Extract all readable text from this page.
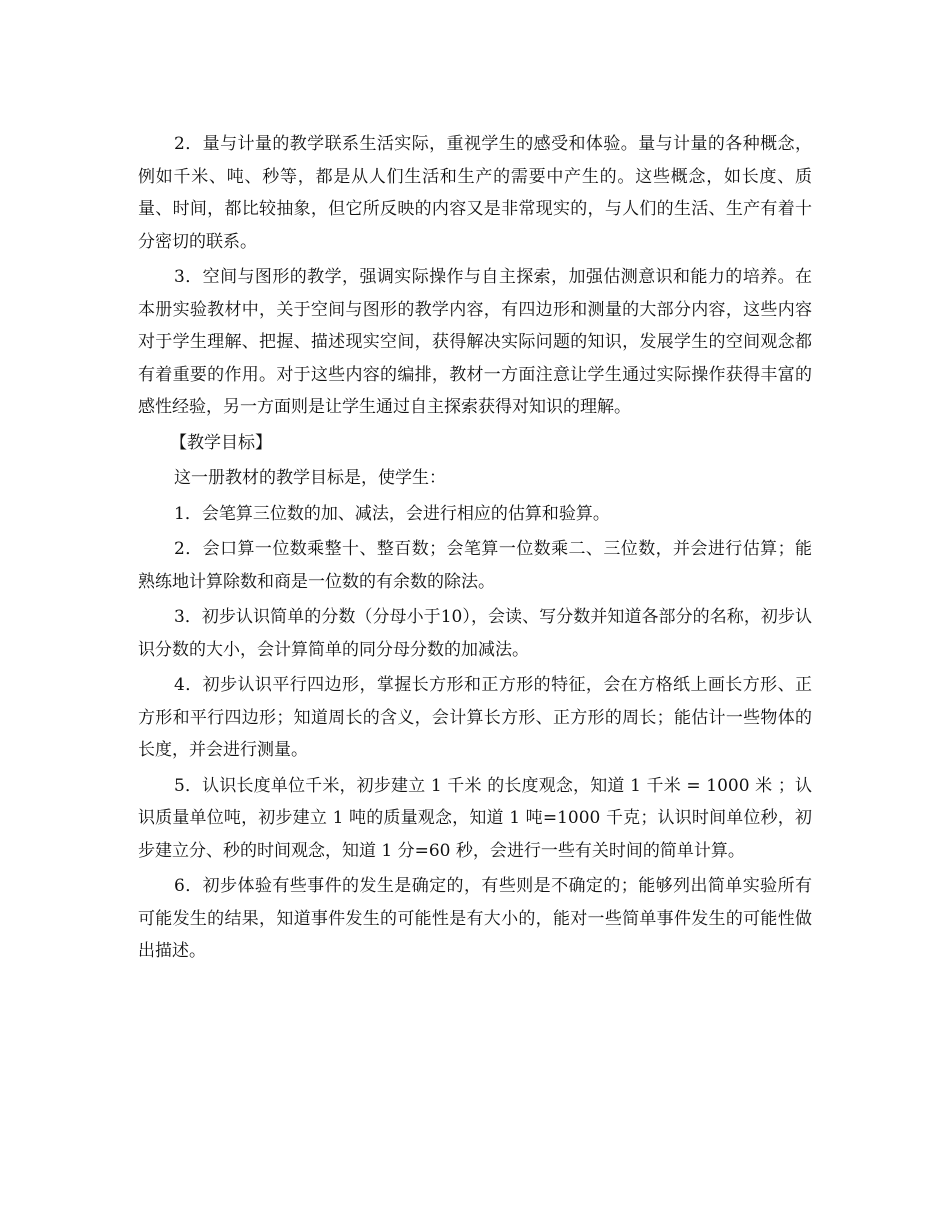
2．量与计量的教学联系生活实际，重视学生的感受和体验。量与计量的各种概念，例如千米、吨、秒等，都是从人们生活和生产的需要中产生的。这些概念，如长度、质量、时间，都比较抽象，但它所反映的内容又是非常现实的，与人们的生活、生产有着十分密切的联系。

3．空间与图形的教学，强调实际操作与自主探索，加强估测意识和能力的培养。在本册实验教材中，关于空间与图形的教学内容，有四边形和测量的大部分内容，这些内容对于学生理解、把握、描述现实空间，获得解决实际问题的知识，发展学生的空间观念都有着重要的作用。对于这些内容的编排，教材一方面注意让学生通过实际操作获得丰富的感性经验，另一方面则是让学生通过自主探索获得对知识的理解。

【教学目标】

这一册教材的教学目标是，使学生：

1．会笔算三位数的加、减法，会进行相应的估算和验算。

2．会口算一位数乘整十、整百数；会笔算一位数乘二、三位数，并会进行估算；能熟练地计算除数和商是一位数的有余数的除法。

3．初步认识简单的分数（分母小于10），会读、写分数并知道各部分的名称，初步认识分数的大小，会计算简单的同分母分数的加减法。

4．初步认识平行四边形，掌握长方形和正方形的特征，会在方格纸上画长方形、正方形和平行四边形；知道周长的含义，会计算长方形、正方形的周长；能估计一些物体的长度，并会进行测量。

5．认识长度单位千米，初步建立 1 千米 的长度观念，知道 1 千米 = 1000 米 ；认识质量单位吨，初步建立 1 吨的质量观念，知道 1 吨=1000 千克；认识时间单位秒，初步建立分、秒的时间观念，知道 1 分=60 秒，会进行一些有关时间的简单计算。

6．初步体验有些事件的发生是确定的，有些则是不确定的；能够列出简单实验所有可能发生的结果，知道事件发生的可能性是有大小的，能对一些简单事件发生的可能性做出描述。
